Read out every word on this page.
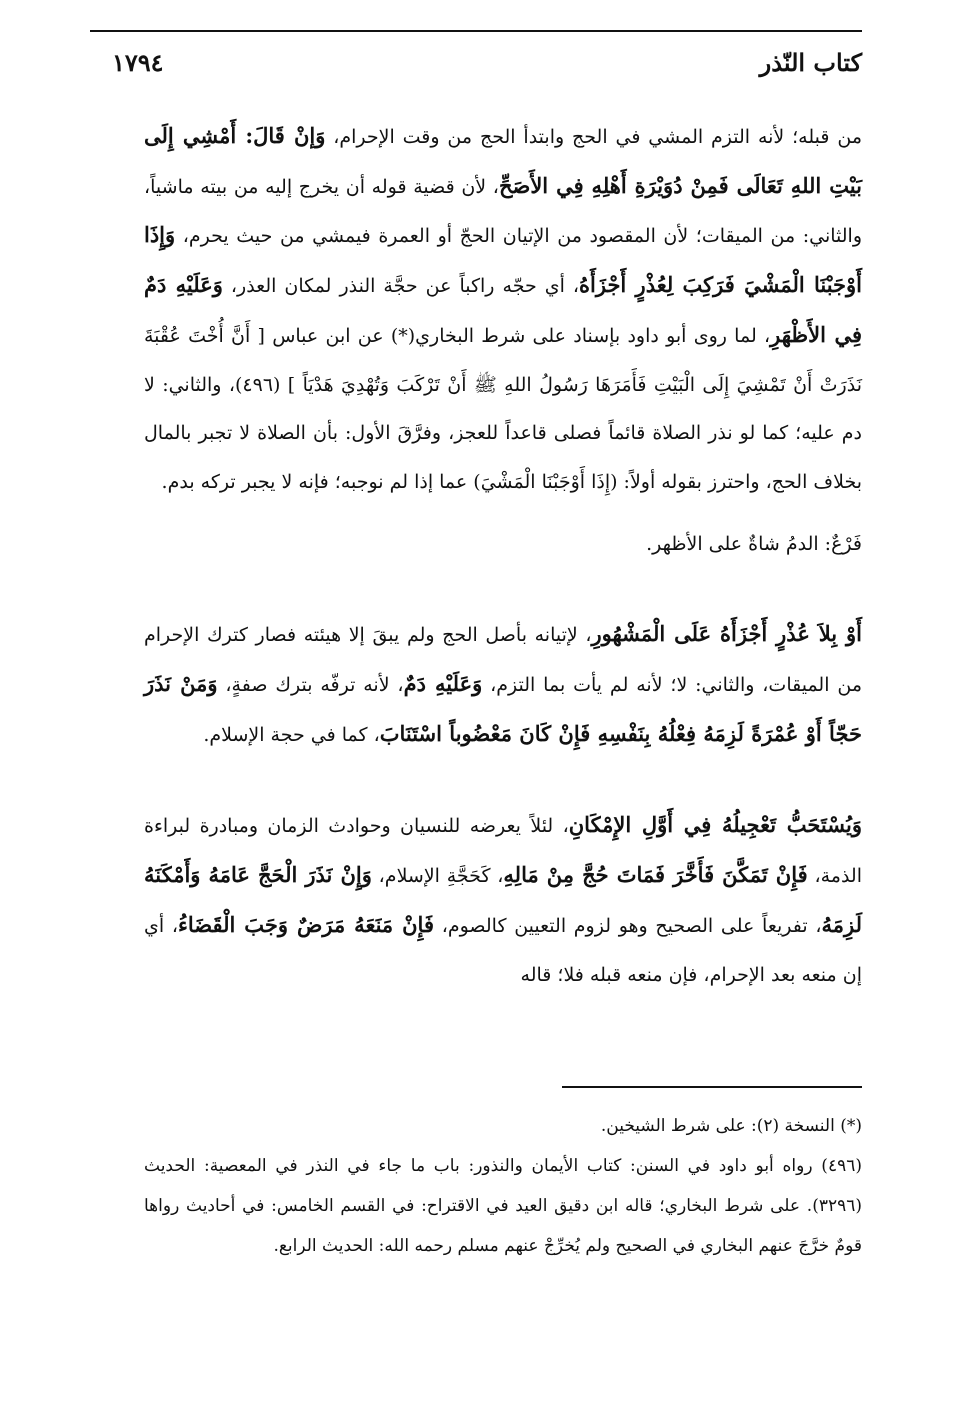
كتاب النّذر
١٧٩٤

من قبله؛ لأنه التزم المشي في الحج وابتدأ الحج من وقت الإحرام، وَإنْ قَالَ: أَمْشِي إِلَى بَيْتِ اللهِ تَعَالَى فَمِنْ دُوَيْرَةِ أَهْلِهِ فِي الأَصَحِّ، لأن قضية قوله أن يخرج إليه من بيته ماشياً، والثاني: من الميقات؛ لأن المقصود من الإتيان الحجّ أو العمرة فيمشي من حيث يحرم، وَإِذَا أَوْجَبْنَا الْمَشْيَ فَرَكِبَ لِعُذْرٍ أَجْزَأَهُ، أي حجّه راكباً عن حجَّة النذر لمكان العذر، وَعَلَيْهِ دَمٌ فِي الأَظْهَرِ، لما روى أبو داود بإسناد على شرط البخاري(*) عن ابن عباس [ أَنَّ أُخْتَ عُقْبَةَ نَذَرَتْ أَنْ تَمْشِيَ إِلَى الْبَيْتِ فَأَمَرَهَا رَسُولُ اللهِ ﷺ أَنْ تَرْكَبَ وَتُهْدِيَ هَدْيَاً ] (٤٩٦)، والثاني: لا دم عليه؛ كما لو نذر الصلاة قائماً فصلى قاعداً للعجز، وفرَّقَ الأول: بأن الصلاة لا تجبر بالمال بخلاف الحج، واحترز بقوله أولاً: (إِذَا أَوْجَبْنَا الْمَشْيَ) عما إذا لم نوجبه؛ فإنه لا يجبر تركه بدم.

فَرْعٌ: الدمُ شاةٌ على الأظهر.

أَوْ بِلاَ عُذْرٍ أَجْزَأَهُ عَلَى الْمَشْهُورِ، لإتيانه بأصل الحج ولم يبقَ إلا هيئته فصار كترك الإحرام من الميقات، والثاني: لا؛ لأنه لم يأت بما التزم، وَعَلَيْهِ دَمٌ، لأنه ترفّه بترك صفةٍ، وَمَنْ نَذَرَ حَجّاً أَوْ عُمْرَةً لَزِمَهُ فِعْلُهُ بِنَفْسِهِ فَإِنْ كَانَ مَعْضُوباً اسْتَنَابَ، كما في حجة الإسلام.

وَيُسْتَحَبُّ تَعْجِيلُهُ فِي أَوَّلِ الإِمْكَانِ، لئلاً يعرضه للنسيان وحوادث الزمان ومبادرة لبراءة الذمة، فَإِنْ تَمَكَّنَ فَأَخَّرَ فَمَاتَ حُجَّ مِنْ مَالِهِ، كَحَجَّةِ الإسلام، وَإِنْ نَذَرَ الْحَجَّ عَامَهُ وَأَمْكَنَهُ لَزِمَهُ، تفريعاً على الصحيح وهو لزوم التعيين كالصوم، فَإِنْ مَنَعَهُ مَرَضٌ وَجَبَ الْقَضَاءُ، أي إن منعه بعد الإحرام، فإن منعه قبله فلا؛ قاله

(*) النسخة (٢): على شرط الشيخين.

(٤٩٦) رواه أبو داود في السنن: كتاب الأيمان والنذور: باب ما جاء في النذر في المعصية: الحديث (٣٢٩٦). على شرط البخاري؛ قاله ابن دقيق العيد في الاقتراح: في القسم الخامس: في أحاديث رواها قومٌ خرَّجَ عنهم البخاري في الصحيح ولم يُخرِّجْ عنهم مسلم رحمه الله: الحديث الرابع.
